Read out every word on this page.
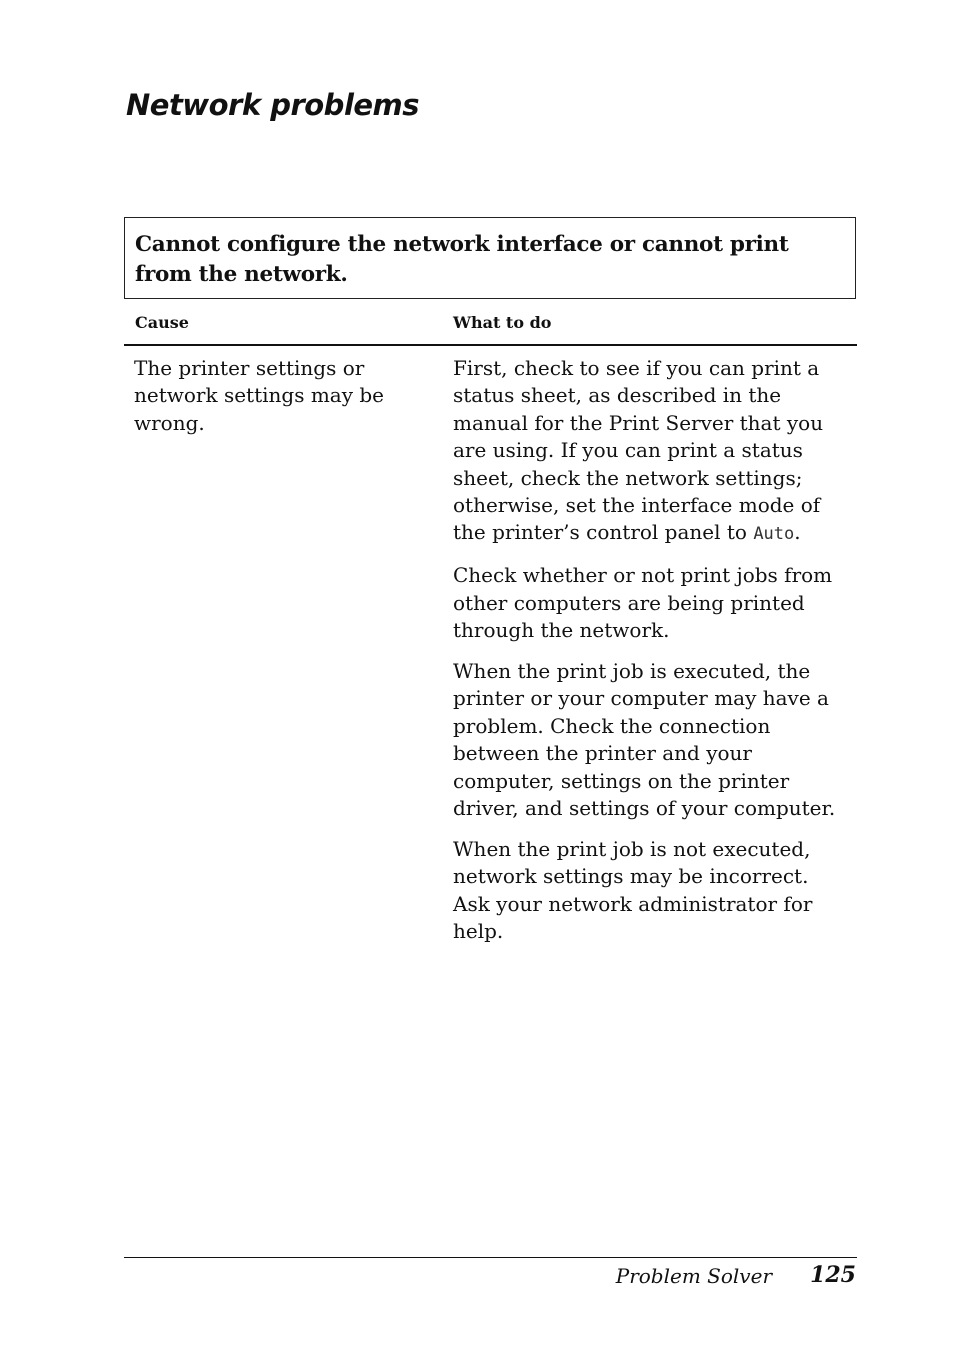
Network problems

Cannot configure the network interface or cannot print from the network.

Cause	What to do

The printer settings or network settings may be wrong.

First, check to see if you can print a status sheet, as described in the manual for the Print Server that you are using. If you can print a status sheet, check the network settings; otherwise, set the interface mode of the printer’s control panel to Auto.

Check whether or not print jobs from other computers are being printed through the network.

When the print job is executed, the printer or your computer may have a problem. Check the connection between the printer and your computer, settings on the printer driver, and settings of your computer.

When the print job is not executed, network settings may be incorrect. Ask your network administrator for help.

Problem Solver 125
